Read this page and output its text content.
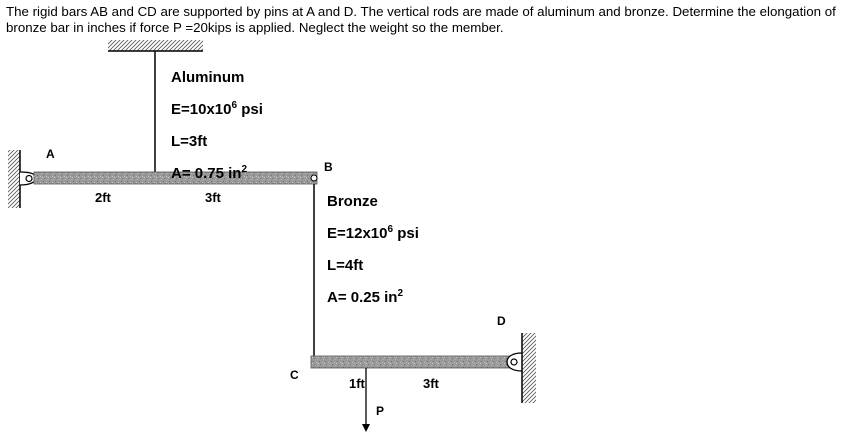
The rigid bars AB and CD are supported by pins at A and D. The vertical rods are made of aluminum and bronze. Determine the elongation of bronze bar in inches if force P =20kips is applied. Neglect the weight so the member.
A
B
C
D
P
Aluminum
$E=10x10^6$ psi
L=3ft
A= 0.75 $in^2$
Bronze
$E=12x10^6$ psi
L=4ft
A= 0.25 $in^2$
2ft	3ft
1ft	3ft
